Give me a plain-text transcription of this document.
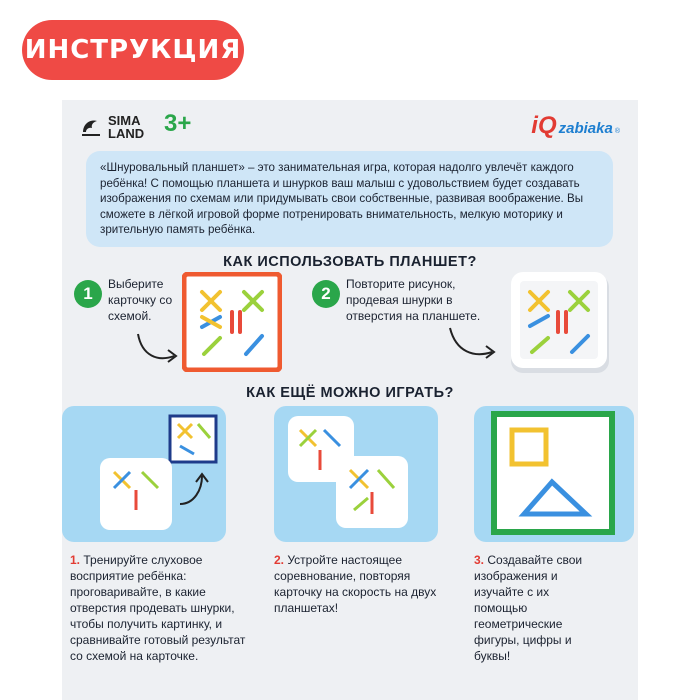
ИНСТРУКЦИЯ
SIMA
LAND 3+	iQ zabiaka ®
«Шнуровальный планшет» – это занимательная игра, которая надолго увлечёт каждого ребёнка! С помощью планшета и шнурков ваш малыш с удовольствием будет создавать изображения по схемам или придумывать свои собственные, развивая воображение. Вы сможете в лёгкой игровой форме потренировать внимательность, мелкую моторику и зрительную память ребёнка.
КАК ИСПОЛЬЗОВАТЬ ПЛАНШЕТ?
1	Выберите карточку со схемой.
2	Повторите рисунок, продевая шнурки в отверстия на планшете.
КАК ЕЩЁ МОЖНО ИГРАТЬ?
1. Тренируйте слуховое восприятие ребёнка: проговаривайте, в какие отверстия продевать шнурки, чтобы получить картинку, и сравнивайте готовый результат со схемой на карточке.
2. Устройте настоящее соревнование, повторяя карточку на скорость на двух планшетах!
3. Создавайте свои изображения и изучайте с их помощью геометрические фигуры, цифры и буквы!
